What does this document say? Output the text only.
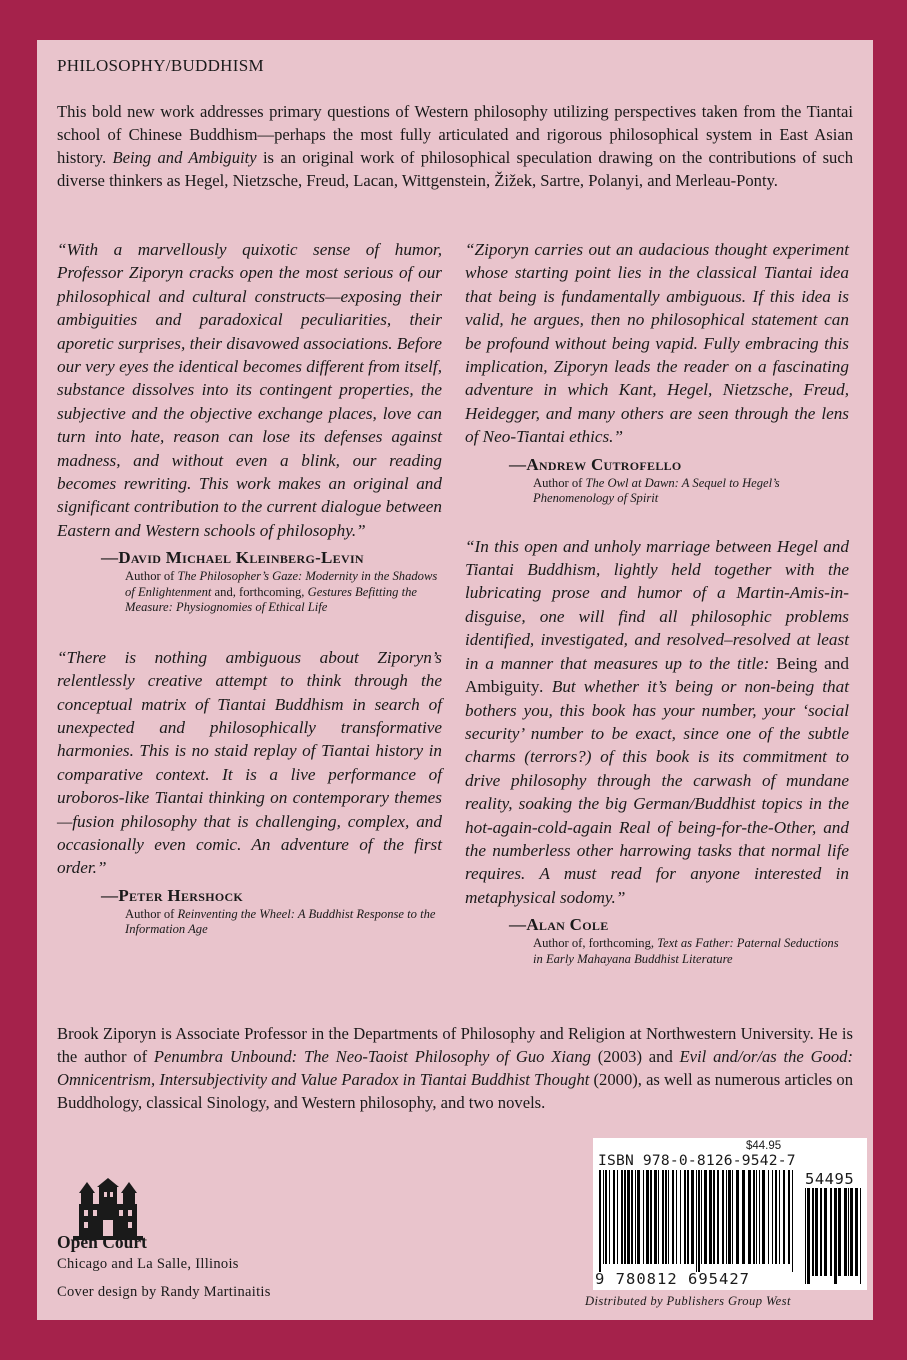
PHILOSOPHY/BUDDHISM

This bold new work addresses primary questions of Western philosophy utilizing perspectives taken from the Tiantai school of Chinese Buddhism—perhaps the most fully articulated and rigorous philosophical system in East Asian history. Being and Ambiguity is an original work of philosophical speculation drawing on the contributions of such diverse thinkers as Hegel, Nietzsche, Freud, Lacan, Wittgenstein, Žižek, Sartre, Polanyi, and Merleau-Ponty.

“With a marvellously quixotic sense of humor, Professor Ziporyn cracks open the most serious of our philosophical and cultural constructs—exposing their ambiguities and paradoxical peculiarities, their aporetic surprises, their disavowed associations. Before our very eyes the identical becomes different from itself, substance dissolves into its contingent properties, the subjective and the objective exchange places, love can turn into hate, reason can lose its defenses against madness, and without even a blink, our reading becomes rewriting. This work makes an original and significant contribution to the current dialogue between Eastern and Western schools of philosophy.”

—David Michael Kleinberg-Levin
Author of The Philosopher’s Gaze: Modernity in the Shadows of Enlightenment and, forthcoming, Gestures Befitting the Measure: Physiognomies of Ethical Life

“There is nothing ambiguous about Ziporyn’s relentlessly creative attempt to think through the conceptual matrix of Tiantai Buddhism in search of unexpected and philosophically transformative harmonies. This is no staid replay of Tiantai history in comparative context. It is a live performance of uroboros-like Tiantai thinking on contemporary themes—fusion philosophy that is challenging, complex, and occasionally even comic. An adventure of the first order.”

—Peter Hershock
Author of Reinventing the Wheel: A Buddhist Response to the Information Age

“Ziporyn carries out an audacious thought experiment whose starting point lies in the classical Tiantai idea that being is fundamentally ambiguous. If this idea is valid, he argues, then no philosophical statement can be profound without being vapid. Fully embracing this implication, Ziporyn leads the reader on a fascinating adventure in which Kant, Hegel, Nietzsche, Freud, Heidegger, and many others are seen through the lens of Neo-Tiantai ethics.”

—Andrew Cutrofello
Author of The Owl at Dawn: A Sequel to Hegel’s Phenomenology of Spirit

“In this open and unholy marriage between Hegel and Tiantai Buddhism, lightly held together with the lubricating prose and humor of a Martin-Amis-in-disguise, one will find all philosophic problems identified, investigated, and resolved–resolved at least in a manner that measures up to the title: Being and Ambiguity. But whether it’s being or non-being that bothers you, this book has your number, your ‘social security’ number to be exact, since one of the subtle charms (terrors?) of this book is its commitment to drive philosophy through the carwash of mundane reality, soaking the big German/Buddhist topics in the hot-again-cold-again Real of being-for-the-Other, and the numberless other harrowing tasks that normal life requires. A must read for anyone interested in metaphysical sodomy.”

—Alan Cole
Author of, forthcoming, Text as Father: Paternal Seductions in Early Mahayana Buddhist Literature

Brook Ziporyn is Associate Professor in the Departments of Philosophy and Religion at Northwestern University. He is the author of Penumbra Unbound: The Neo-Taoist Philosophy of Guo Xiang (2003) and Evil and/or/as the Good: Omnicentrism, Intersubjectivity and Value Paradox in Tiantai Buddhist Thought (2000), as well as numerous articles on Buddhology, classical Sinology, and Western philosophy, and two novels.

Open Court
Chicago and La Salle, Illinois
Cover design by Randy Martinaitis
$44.95
ISBN 978-0-8126-9542-7
54495
9 780812 695427
Distributed by Publishers Group West
